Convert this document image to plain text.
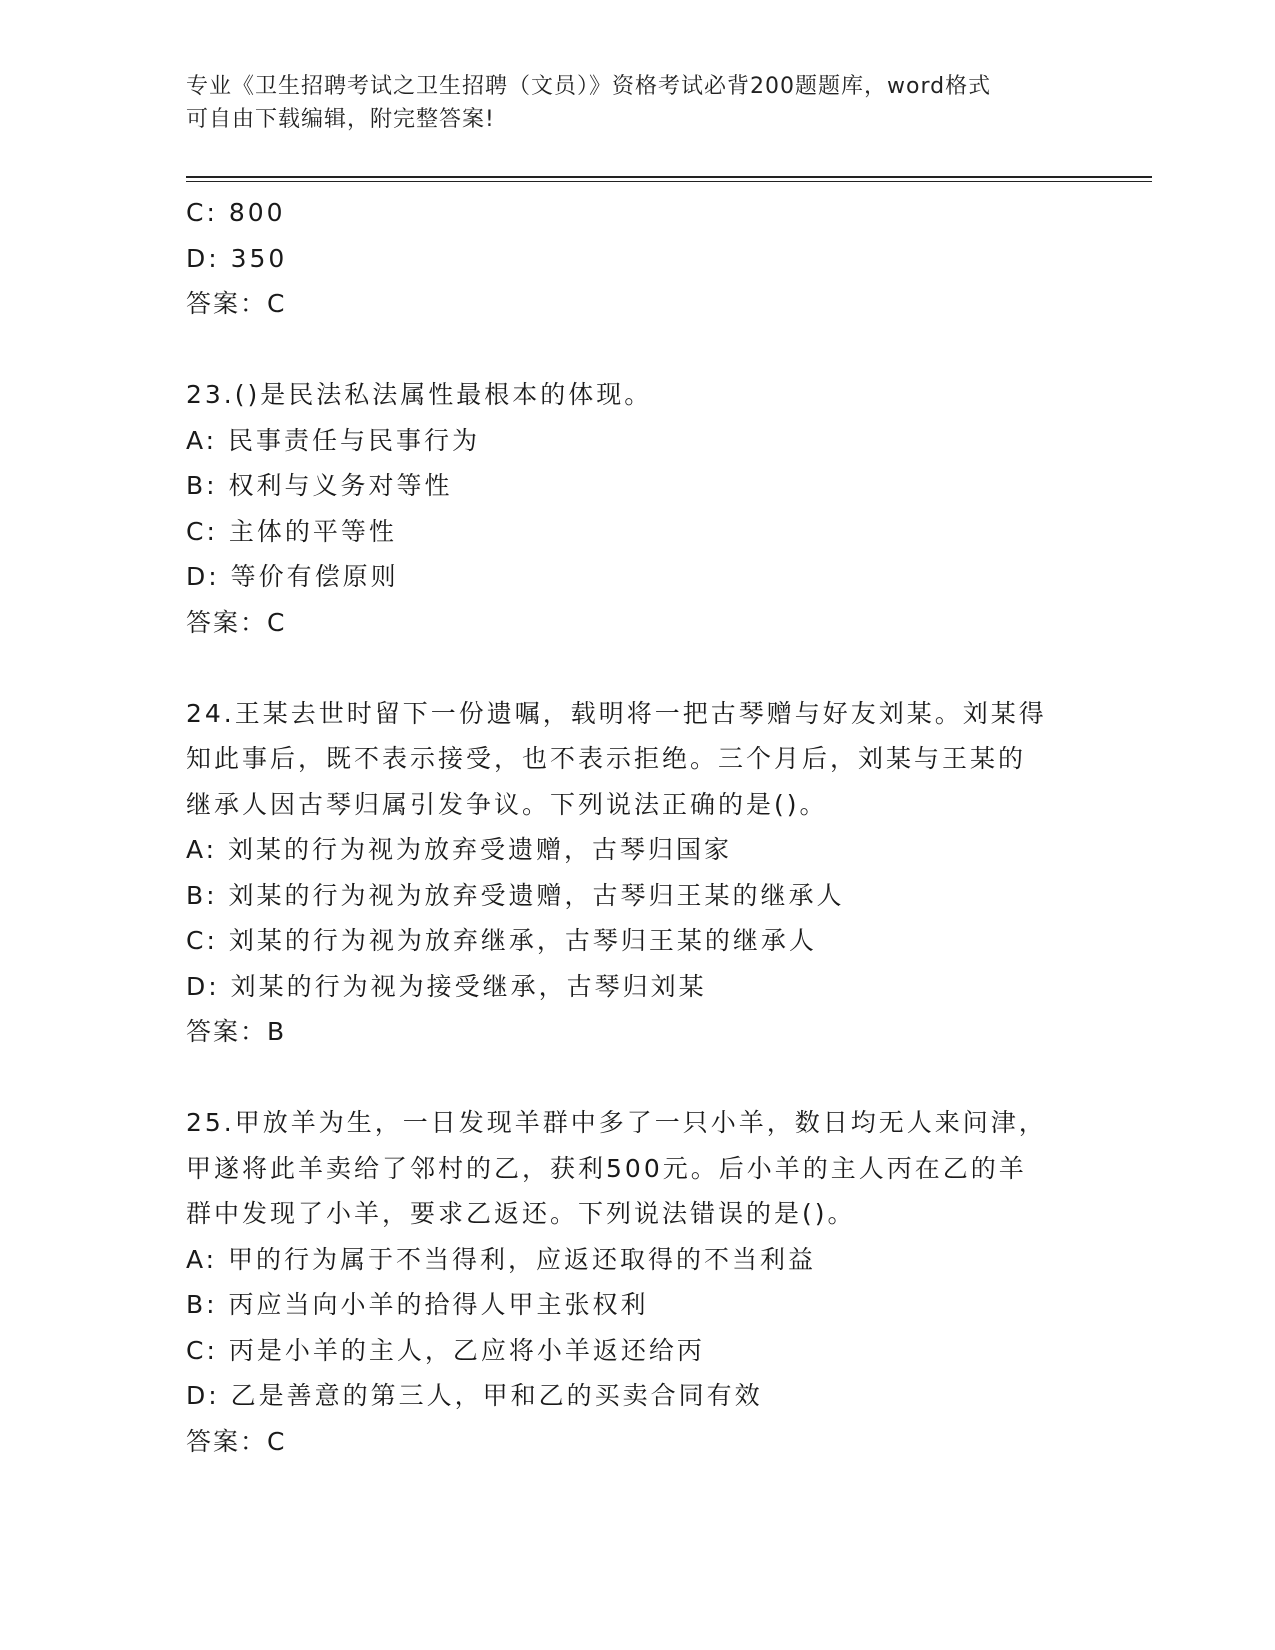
专业《卫生招聘考试之卫生招聘（文员）》资格考试必背200题题库，word格式
可自由下载编辑，附完整答案!
C: 800
D: 350
答案：C
23.()是民法私法属性最根本的体现。
A: 民事责任与民事行为
B: 权利与义务对等性
C: 主体的平等性
D: 等价有偿原则
答案：C
24.王某去世时留下一份遗嘱，载明将一把古琴赠与好友刘某。刘某得
知此事后，既不表示接受，也不表示拒绝。三个月后，刘某与王某的
继承人因古琴归属引发争议。下列说法正确的是()。
A: 刘某的行为视为放弃受遗赠，古琴归国家
B: 刘某的行为视为放弃受遗赠，古琴归王某的继承人
C: 刘某的行为视为放弃继承，古琴归王某的继承人
D: 刘某的行为视为接受继承，古琴归刘某
答案：B
25.甲放羊为生，一日发现羊群中多了一只小羊，数日均无人来问津，
甲遂将此羊卖给了邻村的乙，获利500元。后小羊的主人丙在乙的羊
群中发现了小羊，要求乙返还。下列说法错误的是()。
A: 甲的行为属于不当得利，应返还取得的不当利益
B: 丙应当向小羊的拾得人甲主张权利
C: 丙是小羊的主人，乙应将小羊返还给丙
D: 乙是善意的第三人，甲和乙的买卖合同有效
答案：C
